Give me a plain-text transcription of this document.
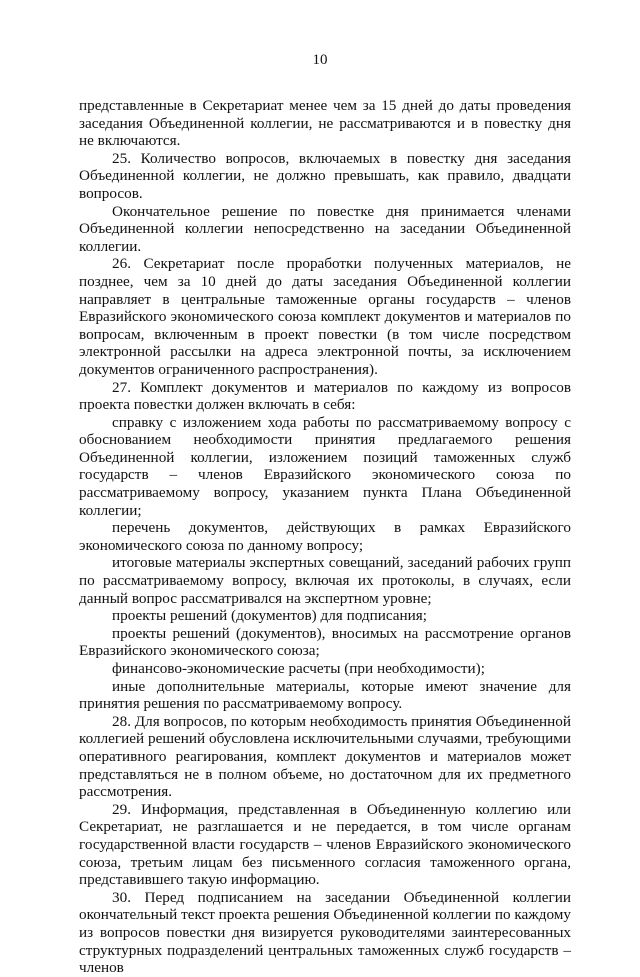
10

представленные в Секретариат менее чем за 15 дней до даты проведения заседания Объединенной коллегии, не рассматриваются и в повестку дня не включаются.

25. Количество вопросов, включаемых в повестку дня заседания Объединенной коллегии, не должно превышать, как правило, двадцати вопросов.

Окончательное решение по повестке дня принимается членами Объединенной коллегии непосредственно на заседании Объединенной коллегии.

26. Секретариат после проработки полученных материалов, не позднее, чем за 10 дней до даты заседания Объединенной коллегии направляет в центральные таможенные органы государств – членов Евразийского экономического союза комплект документов и материалов по вопросам, включенным в проект повестки (в том числе посредством электронной рассылки на адреса электронной почты, за исключением документов ограниченного распространения).

27. Комплект документов и материалов по каждому из вопросов проекта повестки должен включать в себя:

справку с изложением хода работы по рассматриваемому вопросу с обоснованием необходимости принятия предлагаемого решения Объединенной коллегии, изложением позиций таможенных служб государств – членов Евразийского экономического союза по рассматриваемому вопросу, указанием пункта Плана Объединенной коллегии;

перечень документов, действующих в рамках Евразийского экономического союза по данному вопросу;

итоговые материалы экспертных совещаний, заседаний рабочих групп по рассматриваемому вопросу, включая их протоколы, в случаях, если данный вопрос рассматривался на экспертном уровне;

проекты решений (документов) для подписания;

проекты решений (документов), вносимых на рассмотрение органов Евразийского экономического союза;

финансово-экономические расчеты (при необходимости);

иные дополнительные материалы, которые имеют значение для принятия решения по рассматриваемому вопросу.

28. Для вопросов, по которым необходимость принятия Объединенной коллегией решений обусловлена исключительными случаями, требующими оперативного реагирования, комплект документов и материалов может представляться не в полном объеме, но достаточном для их предметного рассмотрения.

29. Информация, представленная в Объединенную коллегию или Секретариат, не разглашается и не передается, в том числе органам государственной власти государств – членов Евразийского экономического союза, третьим лицам без письменного согласия таможенного органа, представившего такую информацию.

30. Перед подписанием на заседании Объединенной коллегии окончательный текст проекта решения Объединенной коллегии по каждому из вопросов повестки дня визируется руководителями заинтересованных структурных подразделений центральных таможенных служб государств – членов
